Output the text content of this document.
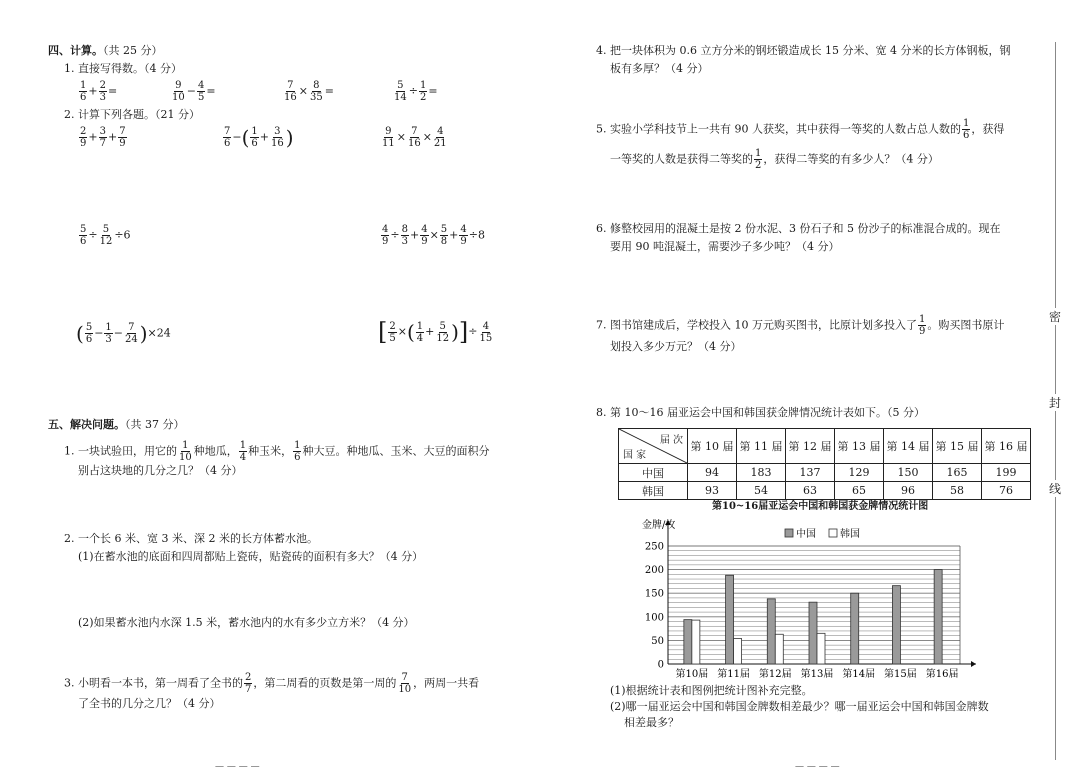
四、计算。（共 25 分）
1. 直接写得数。（4 分）
$\frac{1}{6} + \frac{2}{3}$ =	$\frac{9}{10} - \frac{4}{5}$ =	$\frac{7}{16} \times \frac{8}{35}$ =	$\frac{5}{14} \div \frac{1}{2}$ =
2. 计算下列各题。（21 分）
$\frac{2}{9} + \frac{3}{7} + \frac{7}{9}$	$\frac{7}{6}$ −( $\frac{1}{6} + \frac{3}{16}$ )	$\frac{9}{11} \times \frac{7}{16} \times \frac{4}{21}$
$\frac{5}{6} \div \frac{5}{12} \div 6$	$\frac{4}{9} \div \frac{8}{3} + \frac{4}{9} \times \frac{5}{8} + \frac{4}{9} \div 8$
( $\frac{5}{6} - \frac{1}{3} - \frac{7}{24} )\times 24$	[ $\frac{2}{5}$ ×( $\frac{1}{4} + \frac{5}{12}$ )]÷ $\frac{4}{15}$
五、解决问题。（共 37 分）
1. 一块试验田，用它的 $\frac{1}{10}$ 种地瓜， $\frac{1}{4}$ 种玉米， $\frac{1}{6}$ 种大豆。种地瓜、玉米、大豆的面积分
别占这块地的几分之几？（4 分）
2. 一个长 6 米、宽 3 米、深 2 米的长方体蓄水池。
(1)在蓄水池的底面和四周都贴上瓷砖，贴瓷砖的面积有多大？（4 分）
(2)如果蓄水池内水深 1.5 米，蓄水池内的水有多少立方米？（4 分）
3. 小明看一本书，第一周看了全书的 $\frac{2}{7}$ ，第二周看的页数是第一周的 $\frac{7}{10}$ ，两周一共看
了全书的几分之几？（4 分）
— — — —
4. 把一块体积为 0.6 立方分米的钢坯锻造成长 15 分米、宽 4 分米的长方体钢板，钢
板有多厚？（4 分）
5. 实验小学科技节上一共有 90 人获奖，其中获得一等奖的人数占总人数的 $\frac{1}{6}$ ，获得
一等奖的人数是获得二等奖的 $\frac{1}{2}$ ，获得二等奖的有多少人？（4 分）
6. 修整校园用的混凝土是按 2 份水泥、3 份石子和 5 份沙子的标准混合成的。现在
要用 90 吨混凝土，需要沙子多少吨？（4 分）
7. 图书馆建成后，学校投入 10 万元购买图书，比原计划多投入了 $\frac{1}{9}$ 。购买图书原计
划投入多少万元？（4 分）
8. 第 10～16 届亚运会中国和韩国获金牌情况统计表如下。（5 分）
届 次
国 家	第 10 届	第 11 届	第 12 届	第 13 届	第 14 届	第 15 届	第 16 届
中国	94	183	137	129	150	165	199
韩国	93	54	63	65	96	58	76
第10~16届亚运会中国和韩国获金牌情况统计图
金牌/枚
0
50
100
150
200
250
中国 韩国
第10届 第11届 第12届 第13届 第14届 第15届 第16届
(1)根据统计表和图例把统计图补充完整。
(2)哪一届亚运会中国和韩国金牌数相差最少？哪一届亚运会中国和韩国金牌数
相差最多？
— — — —
密
封
线
